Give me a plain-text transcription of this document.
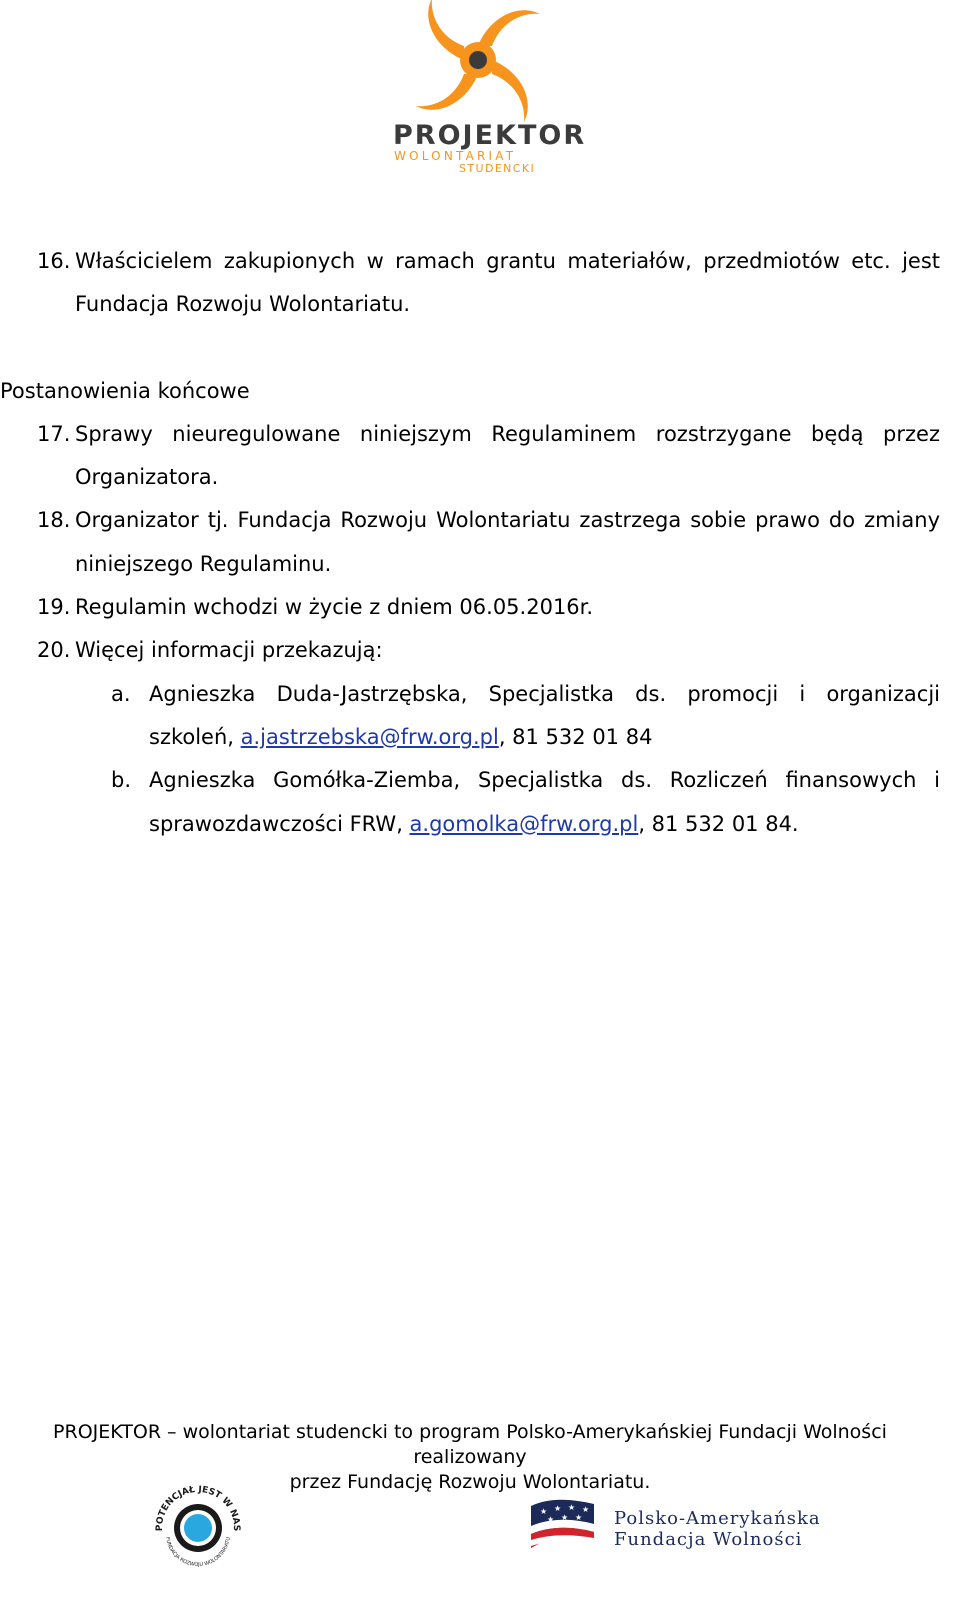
PROJEKTOR
WOLONTARIAT
STUDENCKI
16. Właścicielem zakupionych w ramach grantu materiałów, przedmiotów etc. jest Fundacja Rozwoju Wolontariatu.
Postanowienia końcowe
17. Sprawy nieuregulowane niniejszym Regulaminem rozstrzygane będą przez Organizatora.
18. Organizator tj. Fundacja Rozwoju Wolontariatu zastrzega sobie prawo do zmiany niniejszego Regulaminu.
19. Regulamin wchodzi w życie z dniem 06.05.2016r.
20. Więcej informacji przekazują:
a. Agnieszka Duda-Jastrzębska, Specjalistka ds. promocji i organizacji szkoleń, a.jastrzebska@frw.org.pl, 81 532 01 84
b. Agnieszka Gomółka-Ziemba, Specjalistka ds. Rozliczeń finansowych i sprawozdawczości FRW, a.gomolka@frw.org.pl, 81 532 01 84.
PROJEKTOR – wolontariat studencki to program Polsko-Amerykańskiej Fundacji Wolności realizowany
przez Fundację Rozwoju Wolontariatu.
POTENCJAŁ JEST W NAS
FUNDACJA ROZWOJU WOLONTARIATU
★ ★ ★ ★
★ ★ ★ Polsko-Amerykańska
Fundacja Wolności
